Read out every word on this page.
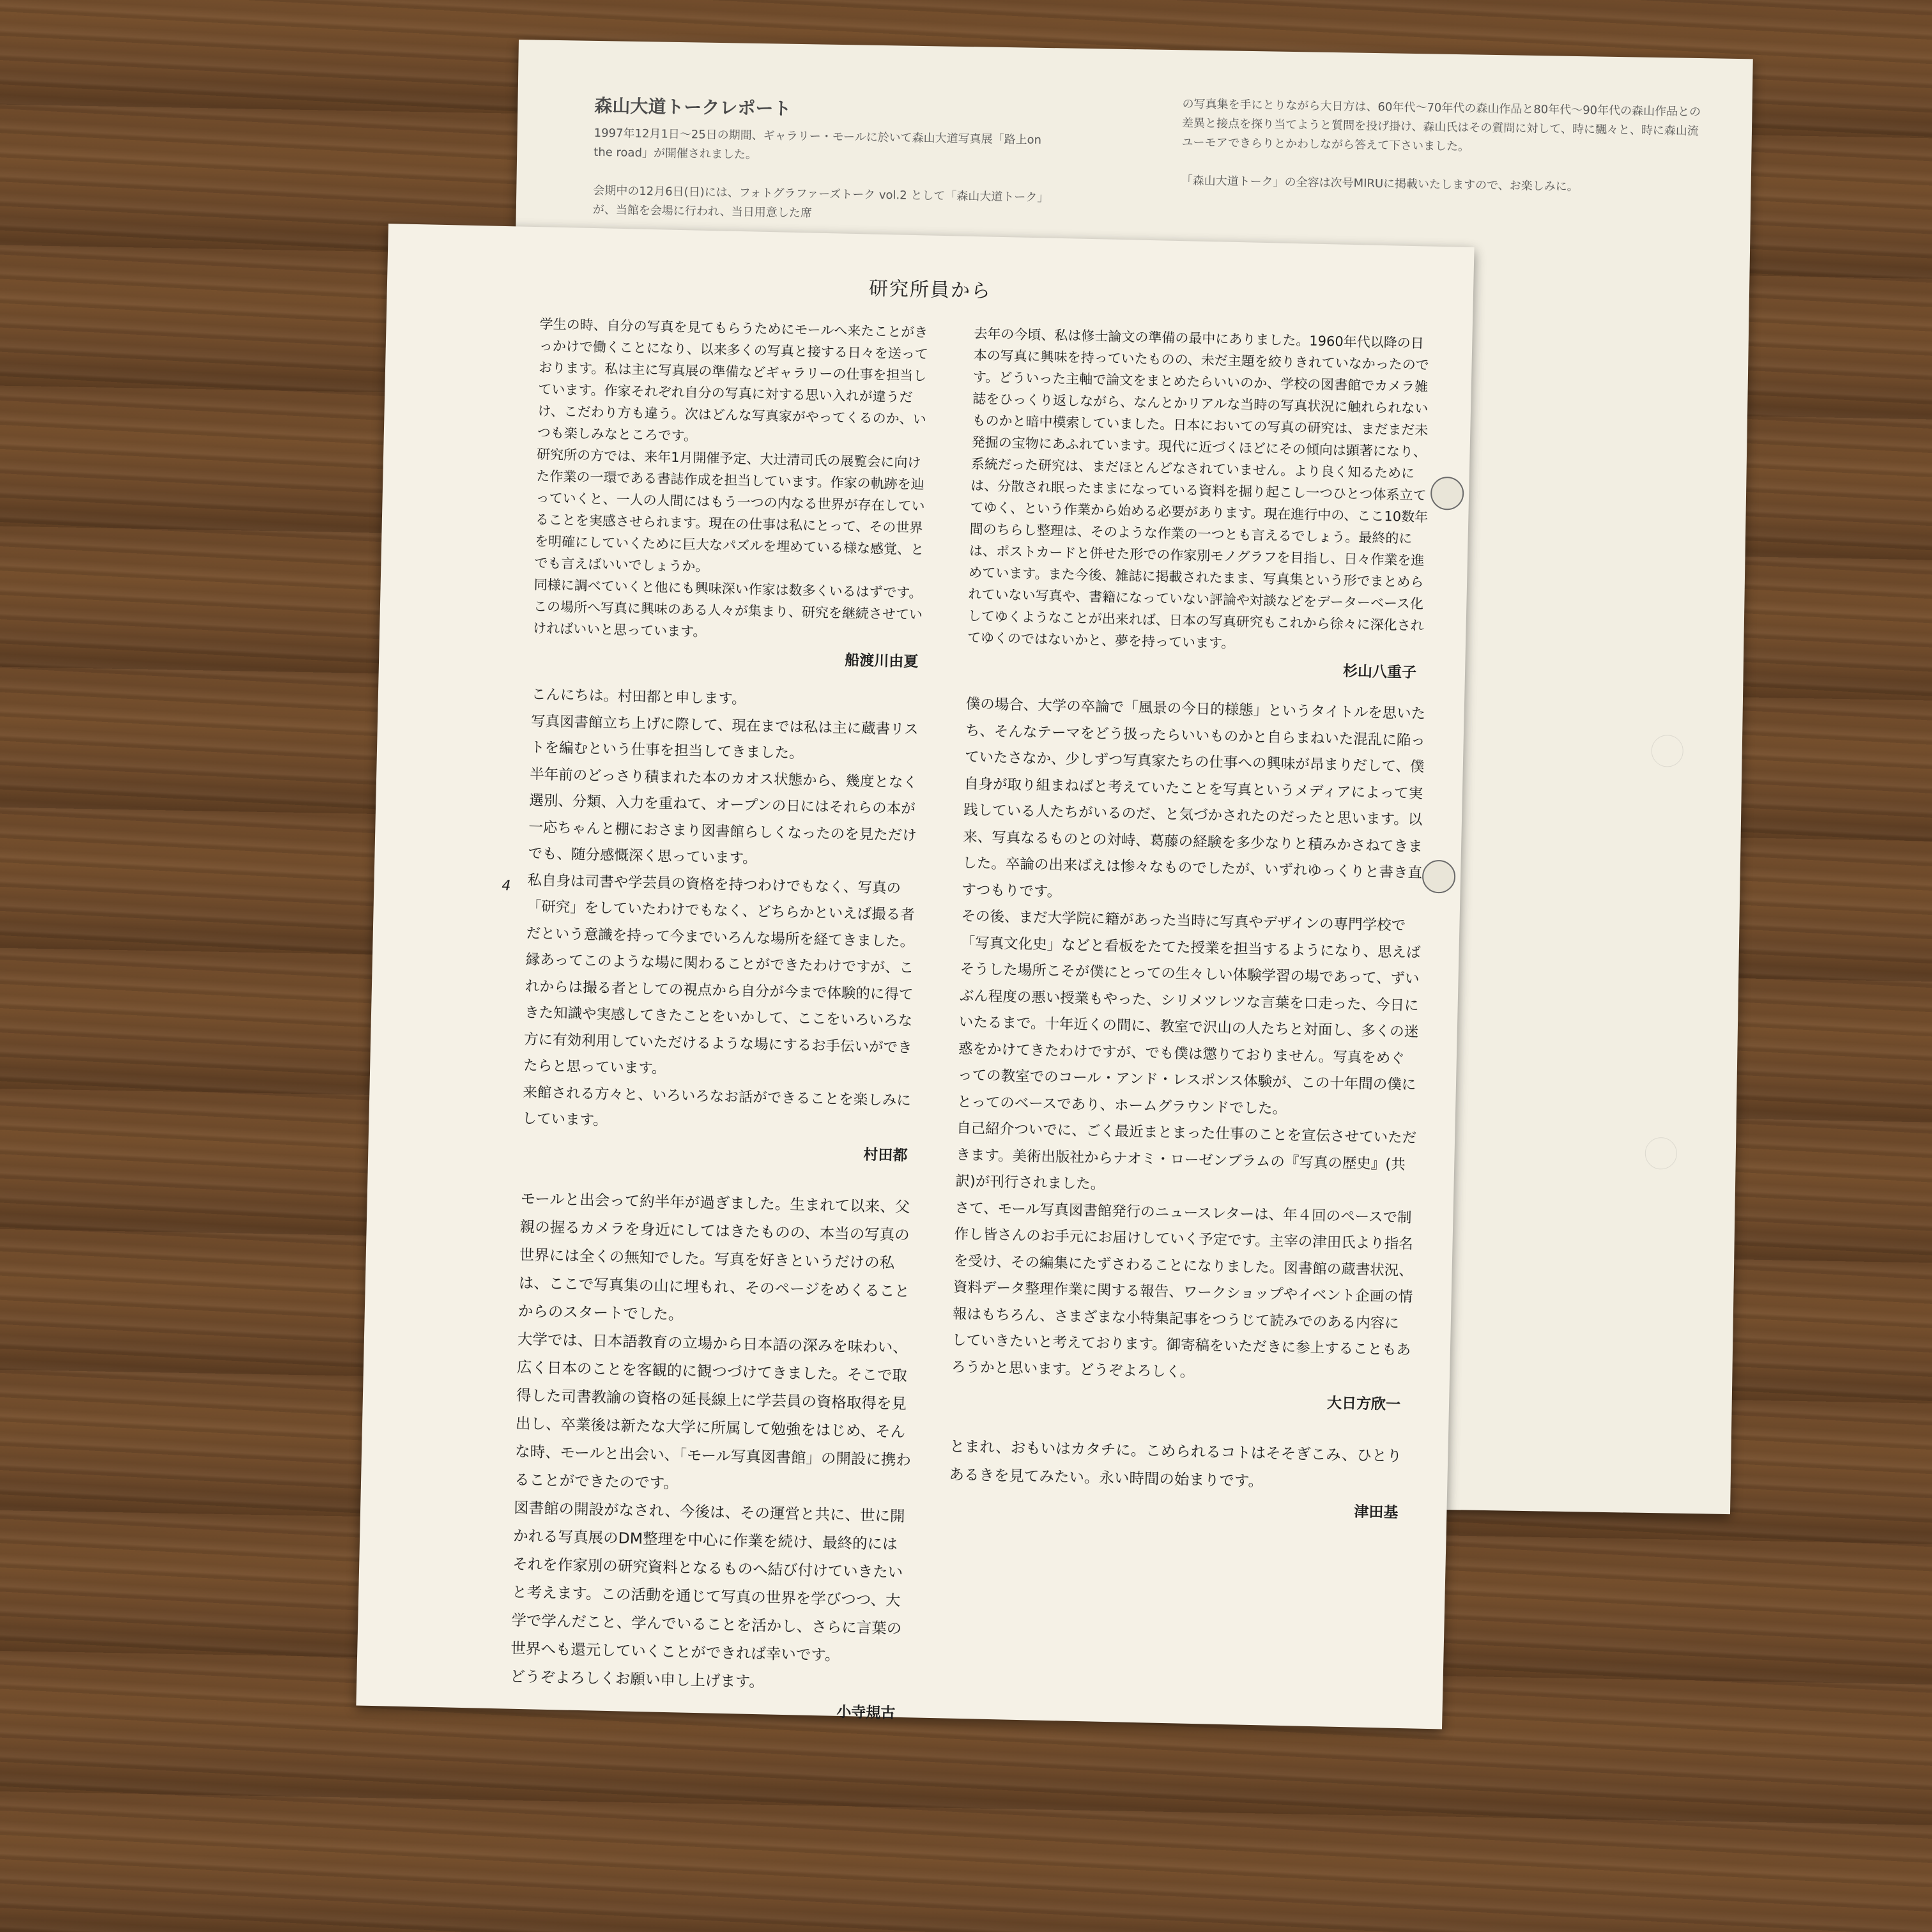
森山大道トークレポート
1997年12月1日〜25日の期間、ギャラリー・モールに於いて森山大道写真展「路上on the road」が開催されました。

会期中の12月6日(日)には、フォトグラファーズトーク vol.2 として「森山大道トーク」が、当館を会場に行われ、当日用意した席
の写真集を手にとりながら大日方は、60年代〜70年代の森山作品と80年代〜90年代の森山作品との差異と接点を探り当てようと質問を投げ掛け、森山氏はその質問に対して、時に飄々と、時に森山流ユーモアできらりとかわしながら答えて下さいました。

「森山大道トーク」の全容は次号MIRUに掲載いたしますので、お楽しみに。
研究所員から
4
学生の時、自分の写真を見てもらうためにモールへ来たことがきっかけで働くことになり、以来多くの写真と接する日々を送っております。私は主に写真展の準備などギャラリーの仕事を担当しています。作家それぞれ自分の写真に対する思い入れが違うだけ、こだわり方も違う。次はどんな写真家がやってくるのか、いつも楽しみなところです。
研究所の方では、来年1月開催予定、大辻清司氏の展覧会に向けた作業の一環である書誌作成を担当しています。作家の軌跡を辿っていくと、一人の人間にはもう一つの内なる世界が存在していることを実感させられます。現在の仕事は私にとって、その世界を明確にしていくために巨大なパズルを埋めている様な感覚、とでも言えばいいでしょうか。
同様に調べていくと他にも興味深い作家は数多くいるはずです。この場所へ写真に興味のある人々が集まり、研究を継続させていければいいと思っています。
船渡川由夏
こんにちは。村田都と申します。
写真図書館立ち上げに際して、現在までは私は主に蔵書リストを編むという仕事を担当してきました。
半年前のどっさり積まれた本のカオス状態から、幾度となく選別、分類、入力を重ねて、オープンの日にはそれらの本が一応ちゃんと棚におさまり図書館らしくなったのを見ただけでも、随分感慨深く思っています。
私自身は司書や学芸員の資格を持つわけでもなく、写真の「研究」をしていたわけでもなく、どちらかといえば撮る者だという意識を持って今までいろんな場所を経てきました。
縁あってこのような場に関わることができたわけですが、これからは撮る者としての視点から自分が今まで体験的に得てきた知識や実感してきたことをいかして、ここをいろいろな方に有効利用していただけるような場にするお手伝いができたらと思っています。
来館される方々と、いろいろなお話ができることを楽しみにしています。
村田都
モールと出会って約半年が過ぎました。生まれて以来、父親の握るカメラを身近にしてはきたものの、本当の写真の世界には全くの無知でした。写真を好きというだけの私は、ここで写真集の山に埋もれ、そのページをめくることからのスタートでした。
大学では、日本語教育の立場から日本語の深みを味わい、広く日本のことを客観的に観つづけてきました。そこで取得した司書教諭の資格の延長線上に学芸員の資格取得を見出し、卒業後は新たな大学に所属して勉強をはじめ、そんな時、モールと出会い、「モール写真図書館」の開設に携わることができたのです。
図書館の開設がなされ、今後は、その運営と共に、世に開かれる写真展のDM整理を中心に作業を続け、最終的にはそれを作家別の研究資料となるものへ結び付けていきたいと考えます。この活動を通じて写真の世界を学びつつ、大学で学んだこと、学んでいることを活かし、さらに言葉の世界へも還元していくことができれば幸いです。
どうぞよろしくお願い申し上げます。
小寺規古
去年の今頃、私は修士論文の準備の最中にありました。1960年代以降の日本の写真に興味を持っていたものの、未だ主題を絞りきれていなかったのです。どういった主軸で論文をまとめたらいいのか、学校の図書館でカメラ雑誌をひっくり返しながら、なんとかリアルな当時の写真状況に触れられないものかと暗中模索していました。日本においての写真の研究は、まだまだ未発掘の宝物にあふれています。現代に近づくほどにその傾向は顕著になり、系統だった研究は、まだほとんどなされていません。より良く知るためには、分散され眠ったままになっている資料を掘り起こし一つひとつ体系立ててゆく、という作業から始める必要があります。現在進行中の、ここ10数年間のちらし整理は、そのような作業の一つとも言えるでしょう。最終的には、ポストカードと併せた形での作家別モノグラフを目指し、日々作業を進めています。また今後、雑誌に掲載されたまま、写真集という形でまとめられていない写真や、書籍になっていない評論や対談などをデーターベース化してゆくようなことが出来れば、日本の写真研究もこれから徐々に深化されてゆくのではないかと、夢を持っています。
杉山八重子
僕の場合、大学の卒論で「風景の今日的様態」というタイトルを思いたち、そんなテーマをどう扱ったらいいものかと自らまねいた混乱に陥っていたさなか、少しずつ写真家たちの仕事への興味が昂まりだして、僕自身が取り組まねばと考えていたことを写真というメディアによって実践している人たちがいるのだ、と気づかされたのだったと思います。以来、写真なるものとの対峙、葛藤の経験を多少なりと積みかさねてきました。卒論の出来ばえは惨々なものでしたが、いずれゆっくりと書き直すつもりです。
その後、まだ大学院に籍があった当時に写真やデザインの専門学校で「写真文化史」などと看板をたてた授業を担当するようになり、思えばそうした場所こそが僕にとっての生々しい体験学習の場であって、ずいぶん程度の悪い授業もやった、シリメツレツな言葉を口走った、今日にいたるまで。十年近くの間に、教室で沢山の人たちと対面し、多くの迷惑をかけてきたわけですが、でも僕は懲りておりません。写真をめぐっての教室でのコール・アンド・レスポンス体験が、この十年間の僕にとってのベースであり、ホームグラウンドでした。
自己紹介ついでに、ごく最近まとまった仕事のことを宣伝させていただきます。美術出版社からナオミ・ローゼンブラムの『写真の歴史』(共訳)が刊行されました。
さて、モール写真図書館発行のニュースレターは、年４回のペースで制作し皆さんのお手元にお届けしていく予定です。主宰の津田氏より指名を受け、その編集にたずさわることになりました。図書館の蔵書状況、資料データ整理作業に関する報告、ワークショップやイベント企画の情報はもちろん、さまざまな小特集記事をつうじて読みでのある内容にしていきたいと考えております。御寄稿をいただきに参上することもあろうかと思います。どうぞよろしく。
大日方欣一
とまれ、おもいはカタチに。こめられるコトはそそぎこみ、ひとりあるきを見てみたい。永い時間の始まりです。
津田基
